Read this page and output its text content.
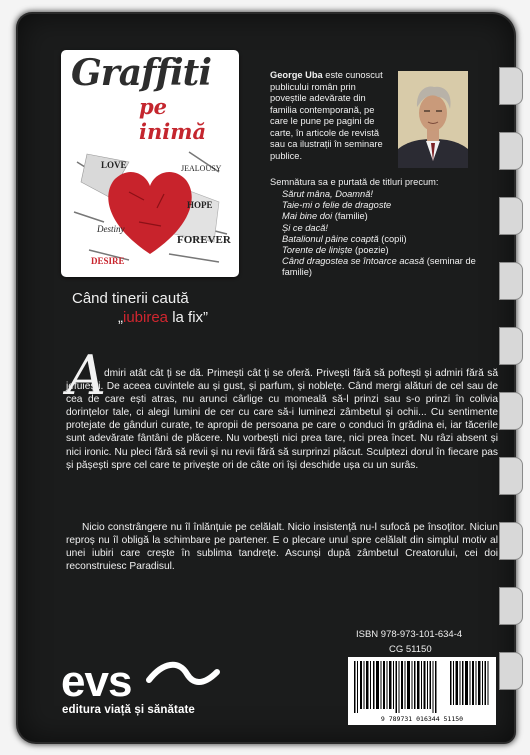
Graffiti
pe inimă
LOVE	JEALOUSY
HOPE
Destiny
FOREVER
DESIRE
Când tinerii caută
„iubirea la fix”
George Uba este cunoscut publicului român prin poveștile adevărate din familia contemporană, pe care le pune pe pagini de carte, în articole de revistă sau ca ilustrații în seminare publice.
Semnătura sa e purtată de titluri precum:
Sărut mâna, Doamnă!
Taie-mi o felie de dragoste
Mai bine doi (familie)
Și ce dacă!
Batalionul pâine coaptă (copii)
Torente de liniște (poezie)
Când dragostea se întoarce acasă (seminar de familie)
A

dmiri atât cât ți se dă. Primești cât ți se oferă. Privești fără să poftești și admiri fără să jefuiești. De aceea cuvintele au și gust, și parfum, și noblețe. Când mergi alături de cel sau de cea de care ești atras, nu arunci cârlige cu momeală să-l prinzi sau s-o prinzi în colivia dorințelor tale, ci alegi lumini de cer cu care să-i luminezi zâmbetul și ochii... Cu sentimente protejate de gânduri curate, te apropii de persoana pe care o conduci în grădina ei, iar tăcerile sunt adevărate fântâni de plăcere. Nu vorbești nici prea tare, nici prea încet. Nu râzi absent și nici ironic. Nu pleci fără să revii și nu revii fără să surprinzi plăcut. Sculptezi dorul în fiecare pas și pășești spre cel care te privește ori de câte ori își deschide ușa cu un surâs.

Nicio constrângere nu îl înlănțuie pe celălalt. Nicio insistență nu-l sufocă pe însoțitor. Niciun reproș nu îl obligă la schimbare pe partener. E o plecare unul spre celălalt din simplul motiv al unei iubiri care crește în sublima tandrețe. Ascunși după zâmbetul Creatorului, cei doi reconstruiesc Paradisul.

ISBN 978-973-101-634-4
CG 51150
9 789731 016344 51150
evs
editura viață și sănătate
